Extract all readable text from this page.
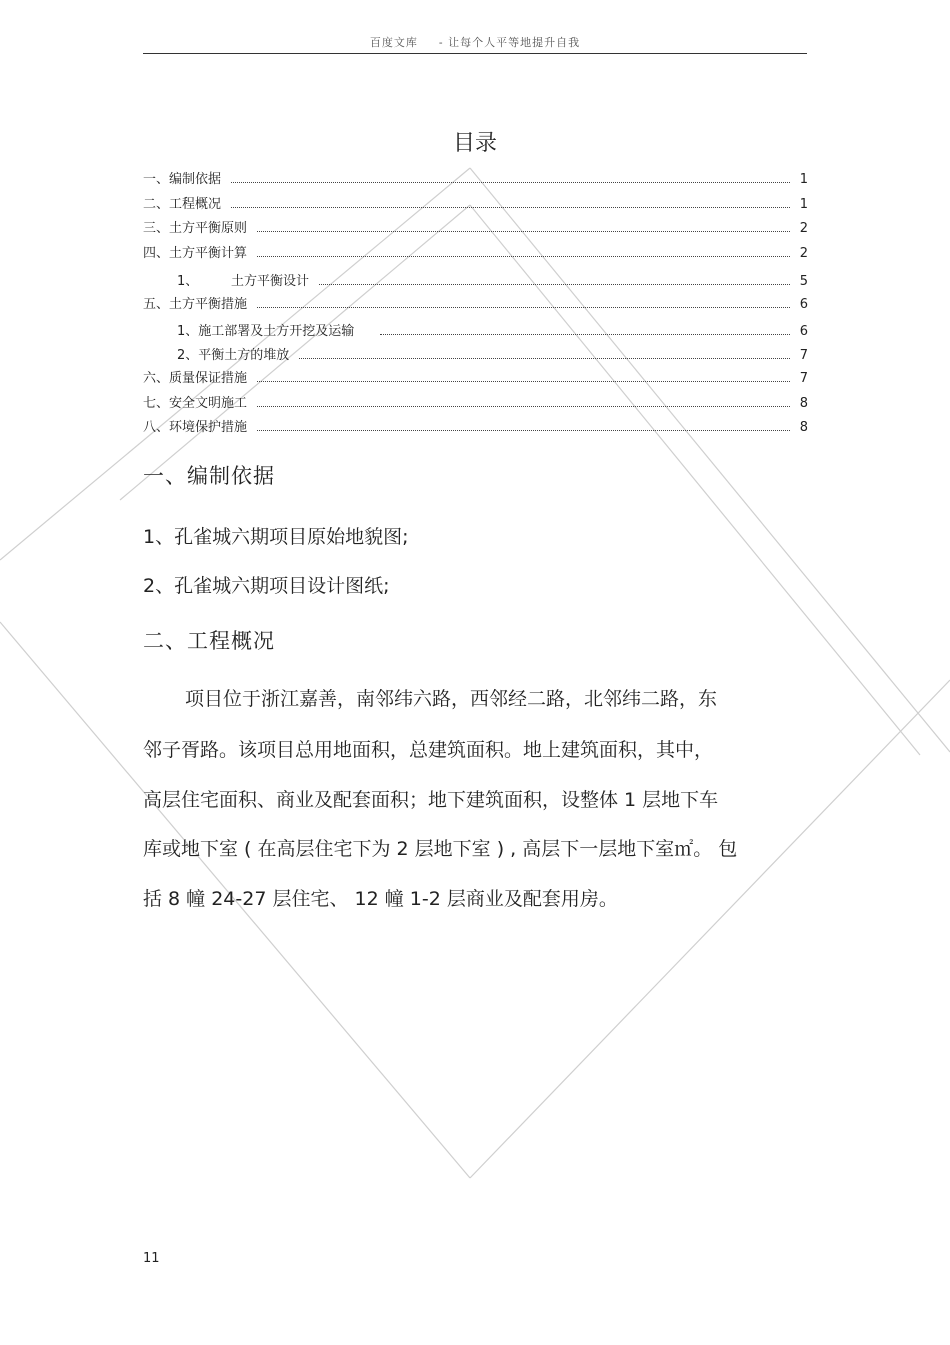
百度文库 - 让每个人平等地提升自我
目录
一、编制依据	1
二、工程概况	1
三、土方平衡原则	2
四、土方平衡计算	2
1、	土方平衡设计	5
五、土方平衡措施	6
1、施工部署及土方开挖及运输	6
2、平衡土方的堆放	7
六、质量保证措施	7
七、安全文明施工	8
八、环境保护措施	8
一、编制依据
1、孔雀城六期项目原始地貌图;
2、孔雀城六期项目设计图纸;
二、工程概况
项目位于浙江嘉善，南邻纬六路，西邻经二路，北邻纬二路，东
邻子胥路。该项目总用地面积，总建筑面积。地上建筑面积，其中，
高层住宅面积、商业及配套面积；地下建筑面积，设整体 1 层地下车
库或地下室 ( 在高层住宅下为 2 层地下室 ) , 高层下一层地下室㎡。 包
括 8 幢 24-27 层住宅、 12 幢 1-2 层商业及配套用房。
11
